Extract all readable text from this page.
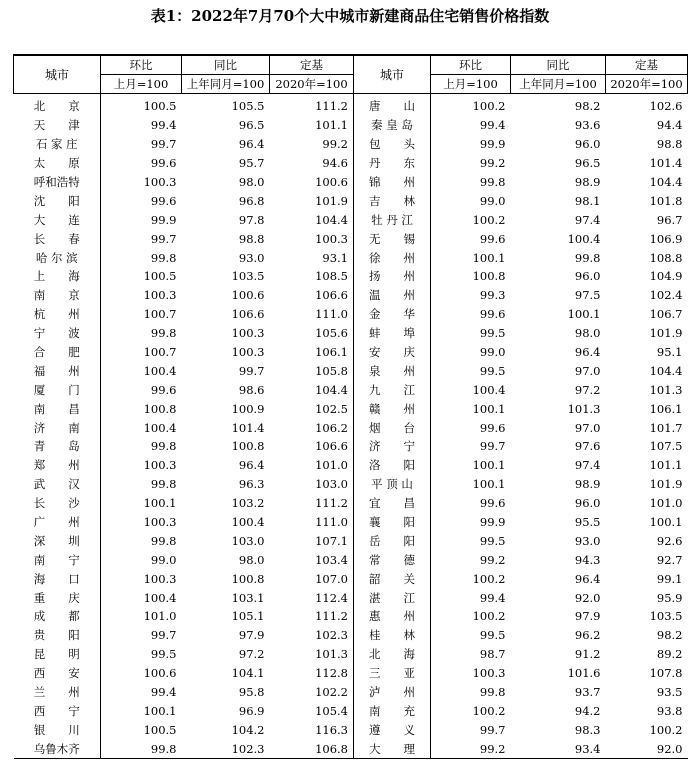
表1：2022年7月70个大中城市新建商品住宅销售价格指数
城市	环比	同比	定基	城市	环比	同比	定基
	上月=100	上年同月=100	2020年=100		上月=100	上年同月=100	2020年=100
北　　京	100.5	105.5	111.2	唐　　山	100.2	98.2	102.6
天　　津	99.4	96.5	101.1	秦 皇 岛	99.4	93.6	94.4
石 家 庄	99.7	96.4	99.2	包　　头	99.9	96.0	98.8
太　　原	99.6	95.7	94.6	丹　　东	99.2	96.5	101.4
呼和浩特	100.3	98.0	100.6	锦　　州	99.8	98.9	104.4
沈　　阳	99.6	96.8	101.9	吉　　林	99.0	98.1	101.8
大　　连	99.9	97.8	104.4	牡 丹 江	100.2	97.4	96.7
长　　春	99.7	98.8	100.3	无　　锡	99.6	100.4	106.9
哈 尔 滨	99.8	93.0	93.1	徐　　州	100.1	99.8	108.8
上　　海	100.5	103.5	108.5	扬　　州	100.8	96.0	104.9
南　　京	100.3	100.6	106.6	温　　州	99.3	97.5	102.4
杭　　州	100.7	106.6	111.0	金　　华	99.6	100.1	106.7
宁　　波	99.8	100.3	105.6	蚌　　埠	99.5	98.0	101.9
合　　肥	100.7	100.3	106.1	安　　庆	99.0	96.4	95.1
福　　州	100.4	99.7	105.8	泉　　州	99.5	97.0	104.4
厦　　门	99.6	98.6	104.4	九　　江	100.4	97.2	101.3
南　　昌	100.8	100.9	102.5	赣　　州	100.1	101.3	106.1
济　　南	100.4	101.4	106.2	烟　　台	99.6	97.0	101.7
青　　岛	99.8	100.8	106.6	济　　宁	99.7	97.6	107.5
郑　　州	100.3	96.4	101.0	洛　　阳	100.1	97.4	101.1
武　　汉	99.8	96.3	103.0	平 顶 山	100.1	98.9	101.9
长　　沙	100.1	103.2	111.2	宜　　昌	99.6	96.0	101.0
广　　州	100.3	100.4	111.0	襄　　阳	99.9	95.5	100.1
深　　圳	99.8	103.0	107.1	岳　　阳	99.5	93.0	92.6
南　　宁	99.0	98.0	103.4	常　　德	99.2	94.3	92.7
海　　口	100.3	100.8	107.0	韶　　关	100.2	96.4	99.1
重　　庆	100.4	103.1	112.4	湛　　江	99.4	92.0	95.9
成　　都	101.0	105.1	111.2	惠　　州	100.2	97.9	103.5
贵　　阳	99.7	97.9	102.3	桂　　林	99.5	96.2	98.2
昆　　明	99.5	97.2	101.3	北　　海	98.7	91.2	89.2
西　　安	100.6	104.1	112.8	三　　亚	100.3	101.6	107.8
兰　　州	99.4	95.8	102.2	泸　　州	99.8	93.7	93.5
西　　宁	100.1	96.9	105.4	南　　充	100.2	94.2	93.8
银　　川	100.5	104.2	116.3	遵　　义	99.7	98.3	100.2
乌鲁木齐	99.8	102.3	106.8	大　　理	99.2	93.4	92.0
